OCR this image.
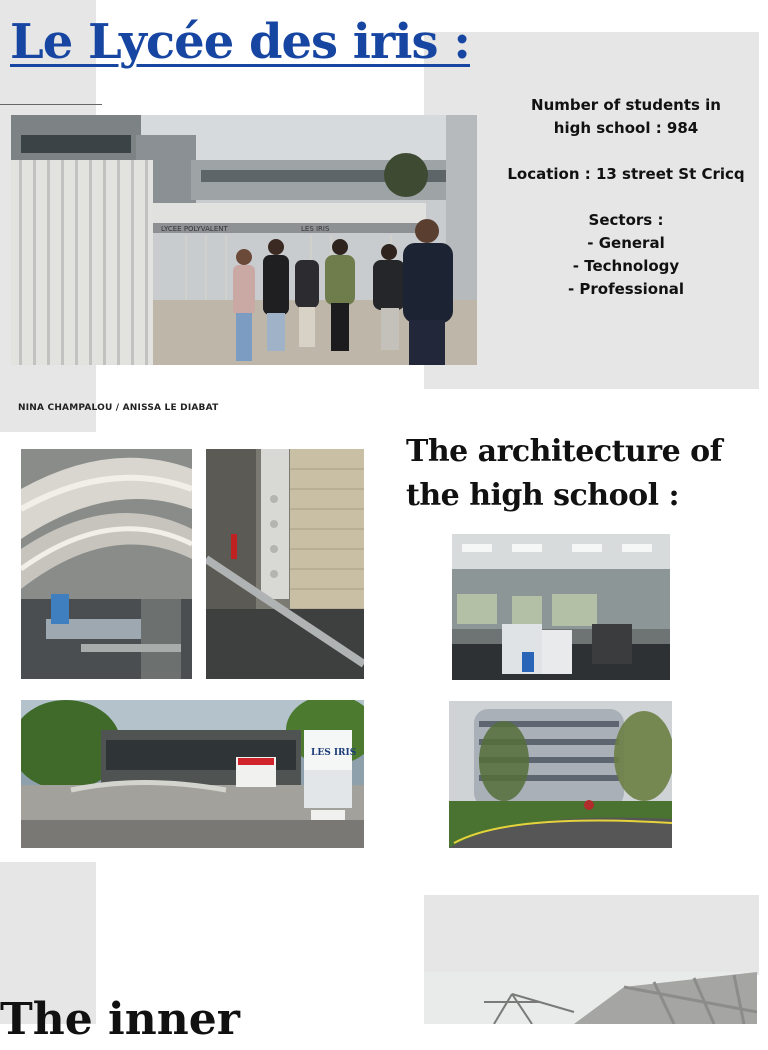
Le Lycée des iris :
LYCEE POLYVALENT	LES IRIS

Number of students in

high school : 984

Location : 13 street St Cricq

Sectors :

- General

- Technology

- Professional

NINA CHAMPALOU / ANISSA LE DIABAT
LES IRIS
The architecture of
the high school :
The inner
